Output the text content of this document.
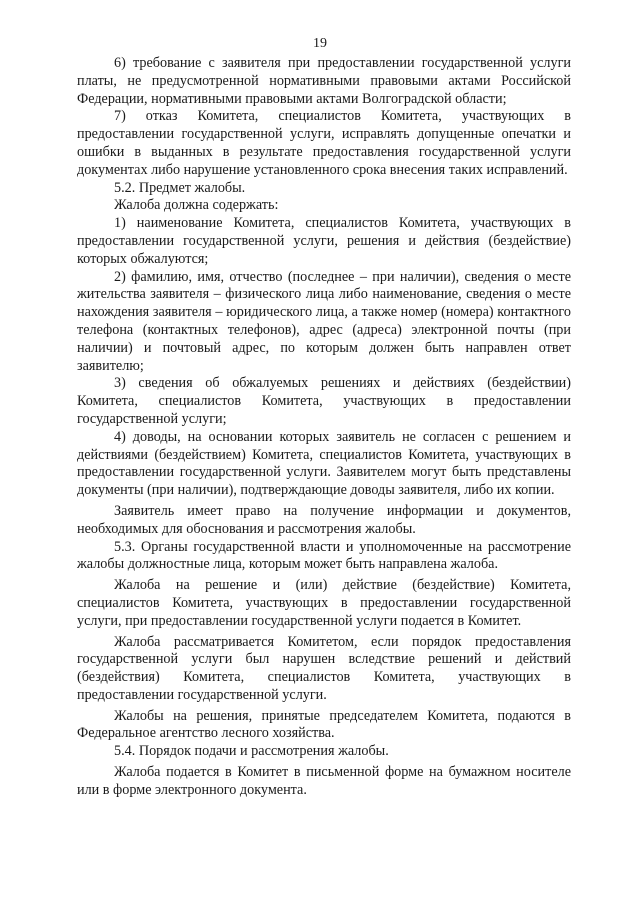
19

6) требование с заявителя при предоставлении государственной услуги платы, не предусмотренной нормативными правовыми актами Российской Федерации, нормативными правовыми актами Волгоградской области;

7) отказ Комитета, специалистов Комитета, участвующих в предоставлении государственной услуги, исправлять допущенные опечатки и ошибки в выданных в результате предоставления государственной услуги документах либо нарушение установленного срока внесения таких исправлений.

5.2. Предмет жалобы.

Жалоба должна содержать:

1) наименование Комитета, специалистов Комитета, участвующих в предоставлении государственной услуги, решения и действия (бездействие) которых обжалуются;

2) фамилию, имя, отчество (последнее – при наличии), сведения о месте жительства заявителя – физического лица либо наименование, сведения о месте нахождения заявителя – юридического лица, а также номер (номера) контактного телефона (контактных телефонов), адрес (адреса) электронной почты (при наличии) и почтовый адрес, по которым должен быть направлен ответ заявителю;

3) сведения об обжалуемых решениях и действиях (бездействии) Комитета, специалистов Комитета, участвующих в предоставлении государственной услуги;

4) доводы, на основании которых заявитель не согласен с решением и действиями (бездействием) Комитета, специалистов Комитета, участвующих в предоставлении государственной услуги. Заявителем могут быть представлены документы (при наличии), подтверждающие доводы заявителя, либо их копии.

Заявитель имеет право на получение информации и документов, необходимых для обоснования и рассмотрения жалобы.

5.3. Органы государственной власти и уполномоченные на рассмотрение жалобы должностные лица, которым может быть направлена жалоба.

Жалоба на решение и (или) действие (бездействие) Комитета, специалистов Комитета, участвующих в предоставлении государственной услуги, при предоставлении государственной услуги подается в Комитет.

Жалоба рассматривается Комитетом, если порядок предоставления государственной услуги был нарушен вследствие решений и действий (бездействия) Комитета, специалистов Комитета, участвующих в предоставлении государственной услуги.

Жалобы на решения, принятые председателем Комитета, подаются в Федеральное агентство лесного хозяйства.

5.4. Порядок подачи и рассмотрения жалобы.

Жалоба подается в Комитет в письменной форме на бумажном носителе или в форме электронного документа.
